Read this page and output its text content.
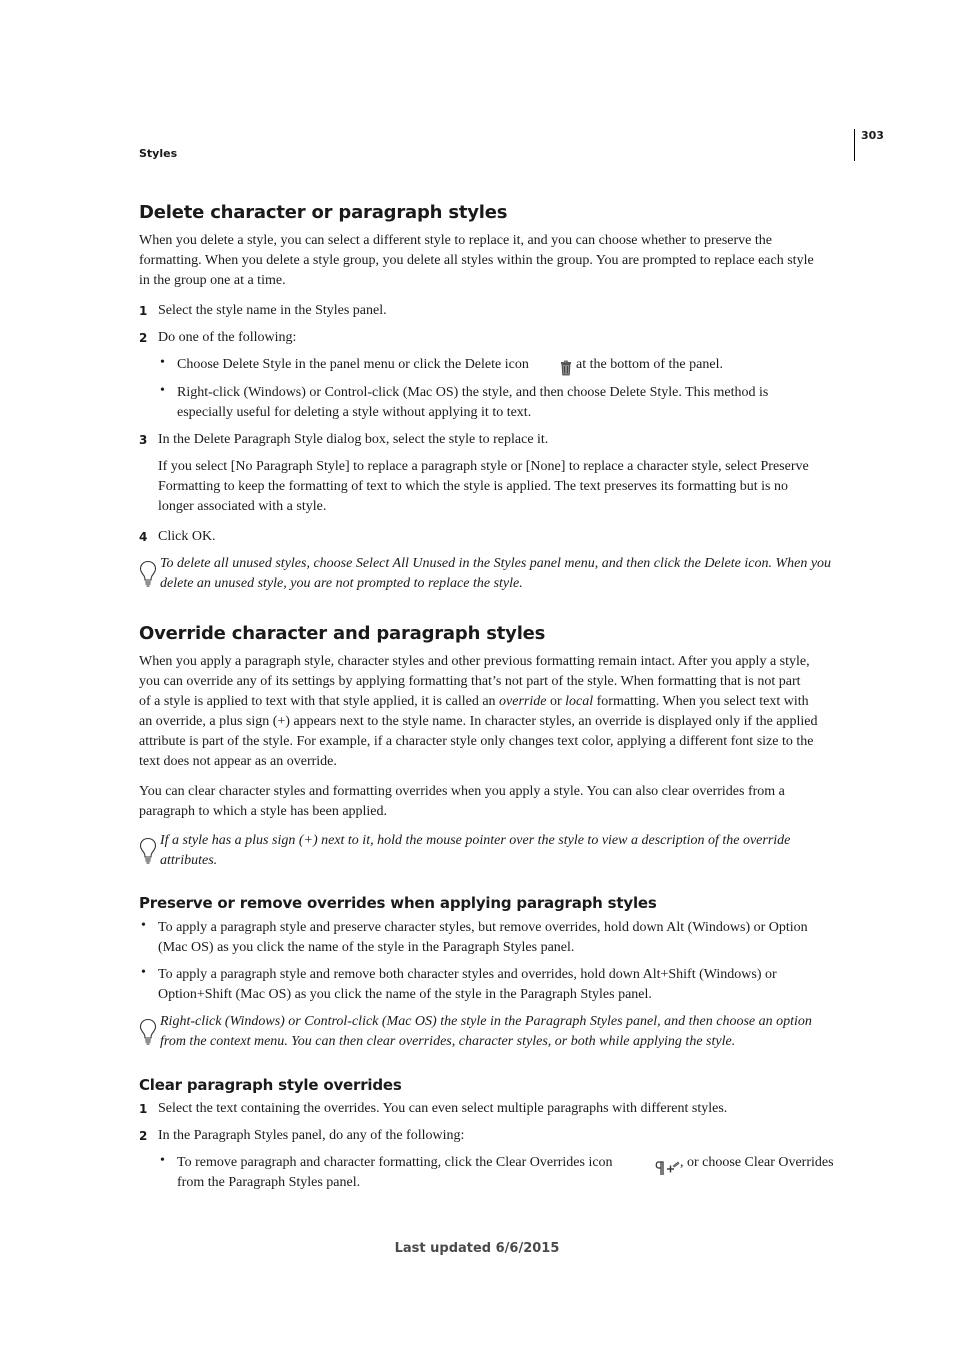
303
Styles
Delete character or paragraph styles
When you delete a style, you can select a different style to replace it, and you can choose whether to preserve the
formatting. When you delete a style group, you delete all styles within the group. You are prompted to replace each style
in the group one at a time.
1 Select the style name in the Styles panel.
2 Do one of the following:
• Choose Delete Style in the panel menu or click the Delete icon	at the bottom of the panel.
• Right-click (Windows) or Control-click (Mac OS) the style, and then choose Delete Style. This method is
especially useful for deleting a style without applying it to text.
3 In the Delete Paragraph Style dialog box, select the style to replace it.
If you select [No Paragraph Style] to replace a paragraph style or [None] to replace a character style, select Preserve
Formatting to keep the formatting of text to which the style is applied. The text preserves its formatting but is no
longer associated with a style.
4 Click OK.
To delete all unused styles, choose Select All Unused in the Styles panel menu, and then click the Delete icon. When you
delete an unused style, you are not prompted to replace the style.
Override character and paragraph styles
When you apply a paragraph style, character styles and other previous formatting remain intact. After you apply a style,
you can override any of its settings by applying formatting that’s not part of the style. When formatting that is not part
of a style is applied to text with that style applied, it is called an override or local formatting. When you select text with
an override, a plus sign (+) appears next to the style name. In character styles, an override is displayed only if the applied
attribute is part of the style. For example, if a character style only changes text color, applying a different font size to the
text does not appear as an override.
You can clear character styles and formatting overrides when you apply a style. You can also clear overrides from a
paragraph to which a style has been applied.
If a style has a plus sign (+) next to it, hold the mouse pointer over the style to view a description of the override
attributes.
Preserve or remove overrides when applying paragraph styles
• To apply a paragraph style and preserve character styles, but remove overrides, hold down Alt (Windows) or Option
(Mac OS) as you click the name of the style in the Paragraph Styles panel.
• To apply a paragraph style and remove both character styles and overrides, hold down Alt+Shift (Windows) or
Option+Shift (Mac OS) as you click the name of the style in the Paragraph Styles panel.
Right-click (Windows) or Control-click (Mac OS) the style in the Paragraph Styles panel, and then choose an option
from the context menu. You can then clear overrides, character styles, or both while applying the style.
Clear paragraph style overrides
1 Select the text containing the overrides. You can even select multiple paragraphs with different styles.
2 In the Paragraph Styles panel, do any of the following:
• To remove paragraph and character formatting, click the Clear Overrides icon	, or choose Clear Overrides
from the Paragraph Styles panel.
Last updated 6/6/2015
